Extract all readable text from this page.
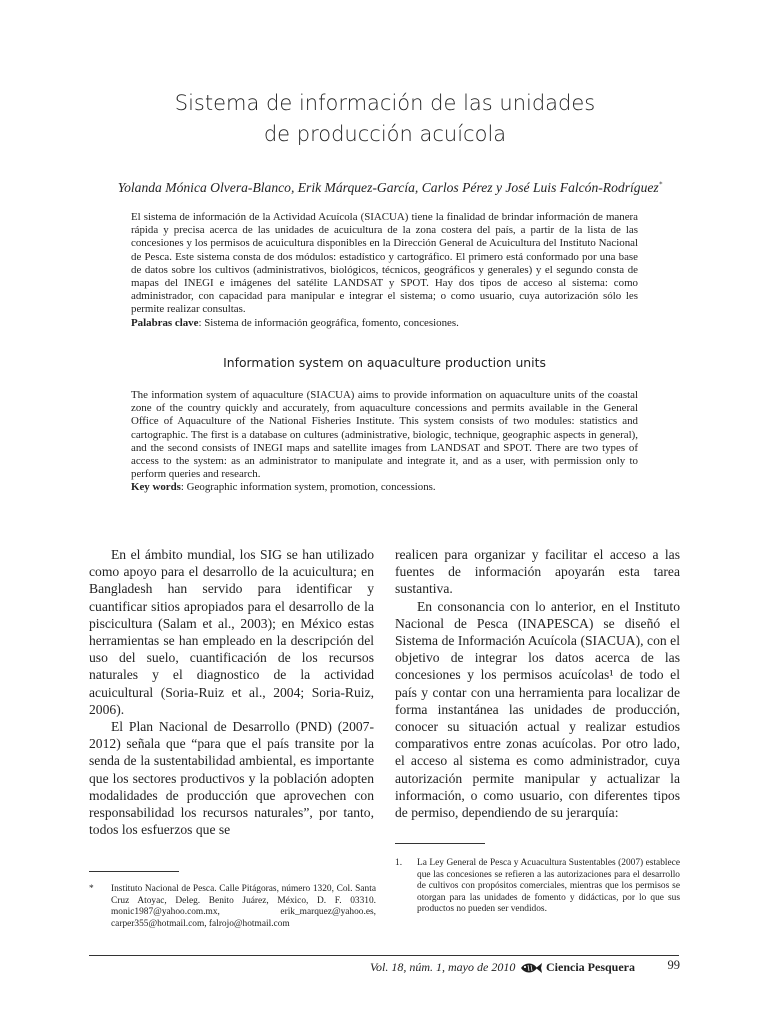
Sistema de información de las unidades
de producción acuícola
Yolanda Mónica Olvera-Blanco, Erik Márquez-García, Carlos Pérez y José Luis Falcón-Rodríguez*

El sistema de información de la Actividad Acuícola (SIACUA) tiene la finalidad de brindar información de manera rápida y precisa acerca de las unidades de acuicultura de la zona costera del país, a partir de la lista de las concesiones y los permisos de acuicultura disponibles en la Dirección General de Acuicultura del Instituto Nacional de Pesca. Este sistema consta de dos módulos: estadístico y cartográfico. El primero está conformado por una base de datos sobre los cultivos (administrativos, biológicos, técnicos, geográficos y generales) y el segundo consta de mapas del INEGI e imágenes del satélite LANDSAT y SPOT. Hay dos tipos de acceso al sistema: como administrador, con capacidad para manipular e integrar el sistema; o como usuario, cuya autorización sólo les permite realizar consultas.

Palabras clave: Sistema de información geográfica, fomento, concesiones.

Information system on aquaculture production units

The information system of aquaculture (SIACUA) aims to provide information on aquaculture units of the coastal zone of the country quickly and accurately, from aquaculture concessions and permits available in the General Office of Aquaculture of the National Fisheries Institute. This system consists of two modules: statistics and cartographic. The first is a database on cultures (administrative, biologic, technique, geographic aspects in general), and the second consists of INEGI maps and satellite images from LANDSAT and SPOT. There are two types of access to the system: as an administrator to manipulate and integrate it, and as a user, with permission only to perform queries and research.

Key words: Geographic information system, promotion, concessions.

En el ámbito mundial, los SIG se han utilizado como apoyo para el desarrollo de la acuicultura; en Bangladesh han servido para identificar y cuantificar sitios apropiados para el desarrollo de la piscicultura (Salam et al., 2003); en México estas herramientas se han empleado en la descripción del uso del suelo, cuantificación de los recursos naturales y el diagnostico de la actividad acuicultural (Soria-Ruiz et al., 2004; Soria-Ruiz, 2006).

El Plan Nacional de Desarrollo (PND) (2007-2012) señala que “para que el país transite por la senda de la sustentabilidad ambiental, es importante que los sectores productivos y la población adopten modalidades de producción que aprovechen con responsabilidad los recursos naturales”, por tanto, todos los esfuerzos que se

realicen para organizar y facilitar el acceso a las fuentes de información apoyarán esta tarea sustantiva.

En consonancia con lo anterior, en el Instituto Nacional de Pesca (INAPESCA) se diseñó el Sistema de Información Acuícola (SIACUA), con el objetivo de integrar los datos acerca de las concesiones y los permisos acuícolas¹ de todo el país y contar con una herramienta para localizar de forma instantánea las unidades de producción, conocer su situación actual y realizar estudios comparativos entre zonas acuícolas. Por otro lado, el acceso al sistema es como administrador, cuya autorización permite manipular y actualizar la información, o como usuario, con diferentes tipos de permiso, dependiendo de su jerarquía:

* Instituto Nacional de Pesca. Calle Pitágoras, número 1320, Col. Santa Cruz Atoyac, Deleg. Benito Juárez, México, D. F. 03310. monic1987@yahoo.com.mx, erik_marquez@yahoo.es, carper355@hotmail.com, falrojo@hotmail.com
1. La Ley General de Pesca y Acuacultura Sustentables (2007) establece que las concesiones se refieren a las autorizaciones para el desarrollo de cultivos con propósitos comerciales, mientras que los permisos se otorgan para las unidades de fomento y didácticas, por lo que sus productos no pueden ser vendidos.
Vol. 18, núm. 1, mayo de 2010	Ciencia Pesquera	99
